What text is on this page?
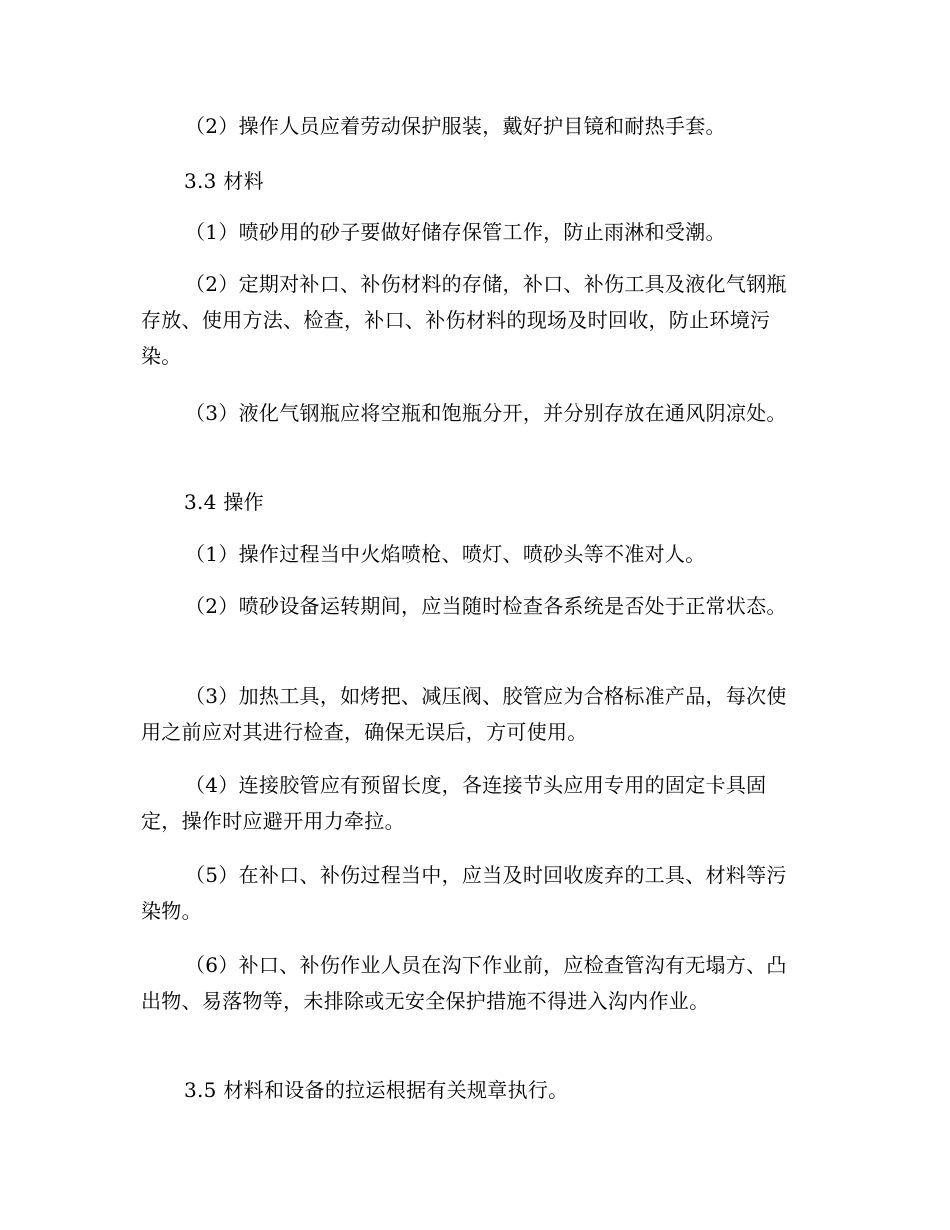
（2）操作人员应着劳动保护服装，戴好护目镜和耐热手套。

3.3 材料

（1）喷砂用的砂子要做好储存保管工作，防止雨淋和受潮。

（2）定期对补口、补伤材料的存储，补口、补伤工具及液化气钢瓶存放、使用方法、检查，补口、补伤材料的现场及时回收，防止环境污染。

（3）液化气钢瓶应将空瓶和饱瓶分开，并分别存放在通风阴凉处。

3.4 操作

（1）操作过程当中火焰喷枪、喷灯、喷砂头等不准对人。

（2）喷砂设备运转期间，应当随时检查各系统是否处于正常状态。

（3）加热工具，如烤把、减压阀、胶管应为合格标准产品，每次使用之前应对其进行检查，确保无误后，方可使用。

（4）连接胶管应有预留长度，各连接节头应用专用的固定卡具固定，操作时应避开用力牵拉。

（5）在补口、补伤过程当中，应当及时回收废弃的工具、材料等污染物。

（6）补口、补伤作业人员在沟下作业前，应检查管沟有无塌方、凸出物、易落物等，未排除或无安全保护措施不得进入沟内作业。

3.5 材料和设备的拉运根据有关规章执行。
